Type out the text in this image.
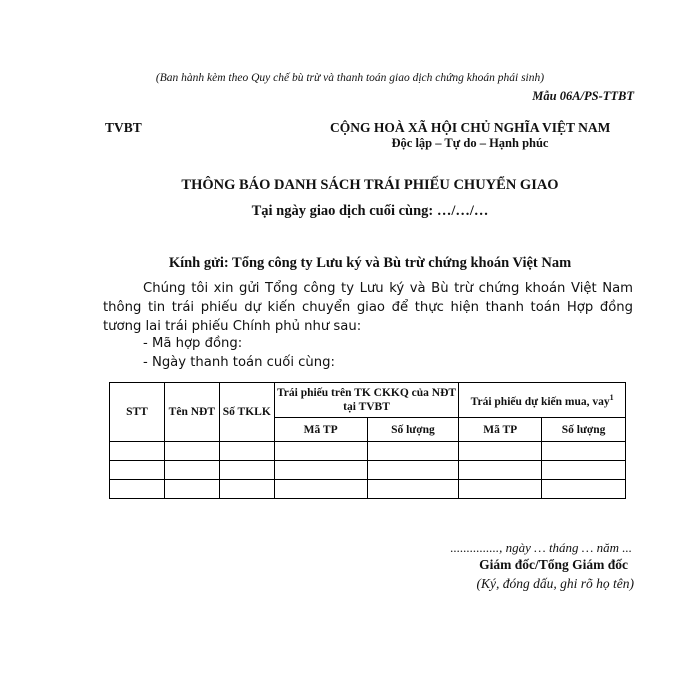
(Ban hành kèm theo Quy chế bù trừ và thanh toán giao dịch chứng khoán phái sinh)
Mẫu 06A/PS-TTBT
TVBT	CỘNG HOÀ XÃ HỘI CHỦ NGHĨA VIỆT NAM
Độc lập – Tự do – Hạnh phúc
THÔNG BÁO DANH SÁCH TRÁI PHIẾU CHUYỂN GIAO
Tại ngày giao dịch cuối cùng: …/…/…
Kính gửi: Tổng công ty Lưu ký và Bù trừ chứng khoán Việt Nam
Chúng tôi xin gửi Tổng công ty Lưu ký và Bù trừ chứng khoán Việt Nam thông tin trái phiếu dự kiến chuyển giao để thực hiện thanh toán Hợp đồng tương lai trái phiếu Chính phủ như sau:
- Mã hợp đồng:
- Ngày thanh toán cuối cùng:
STT	Tên NĐT	Số TKLK	Trái phiếu trên TK CKKQ của NĐT tại TVBT		Trái phiếu dự kiến mua, vay$^1$
			Mã TP	Số lượng	Mã TP	Số lượng

..............., ngày … tháng … năm ...
Giám đốc/Tổng Giám đốc
(Ký, đóng dấu, ghi rõ họ tên)
